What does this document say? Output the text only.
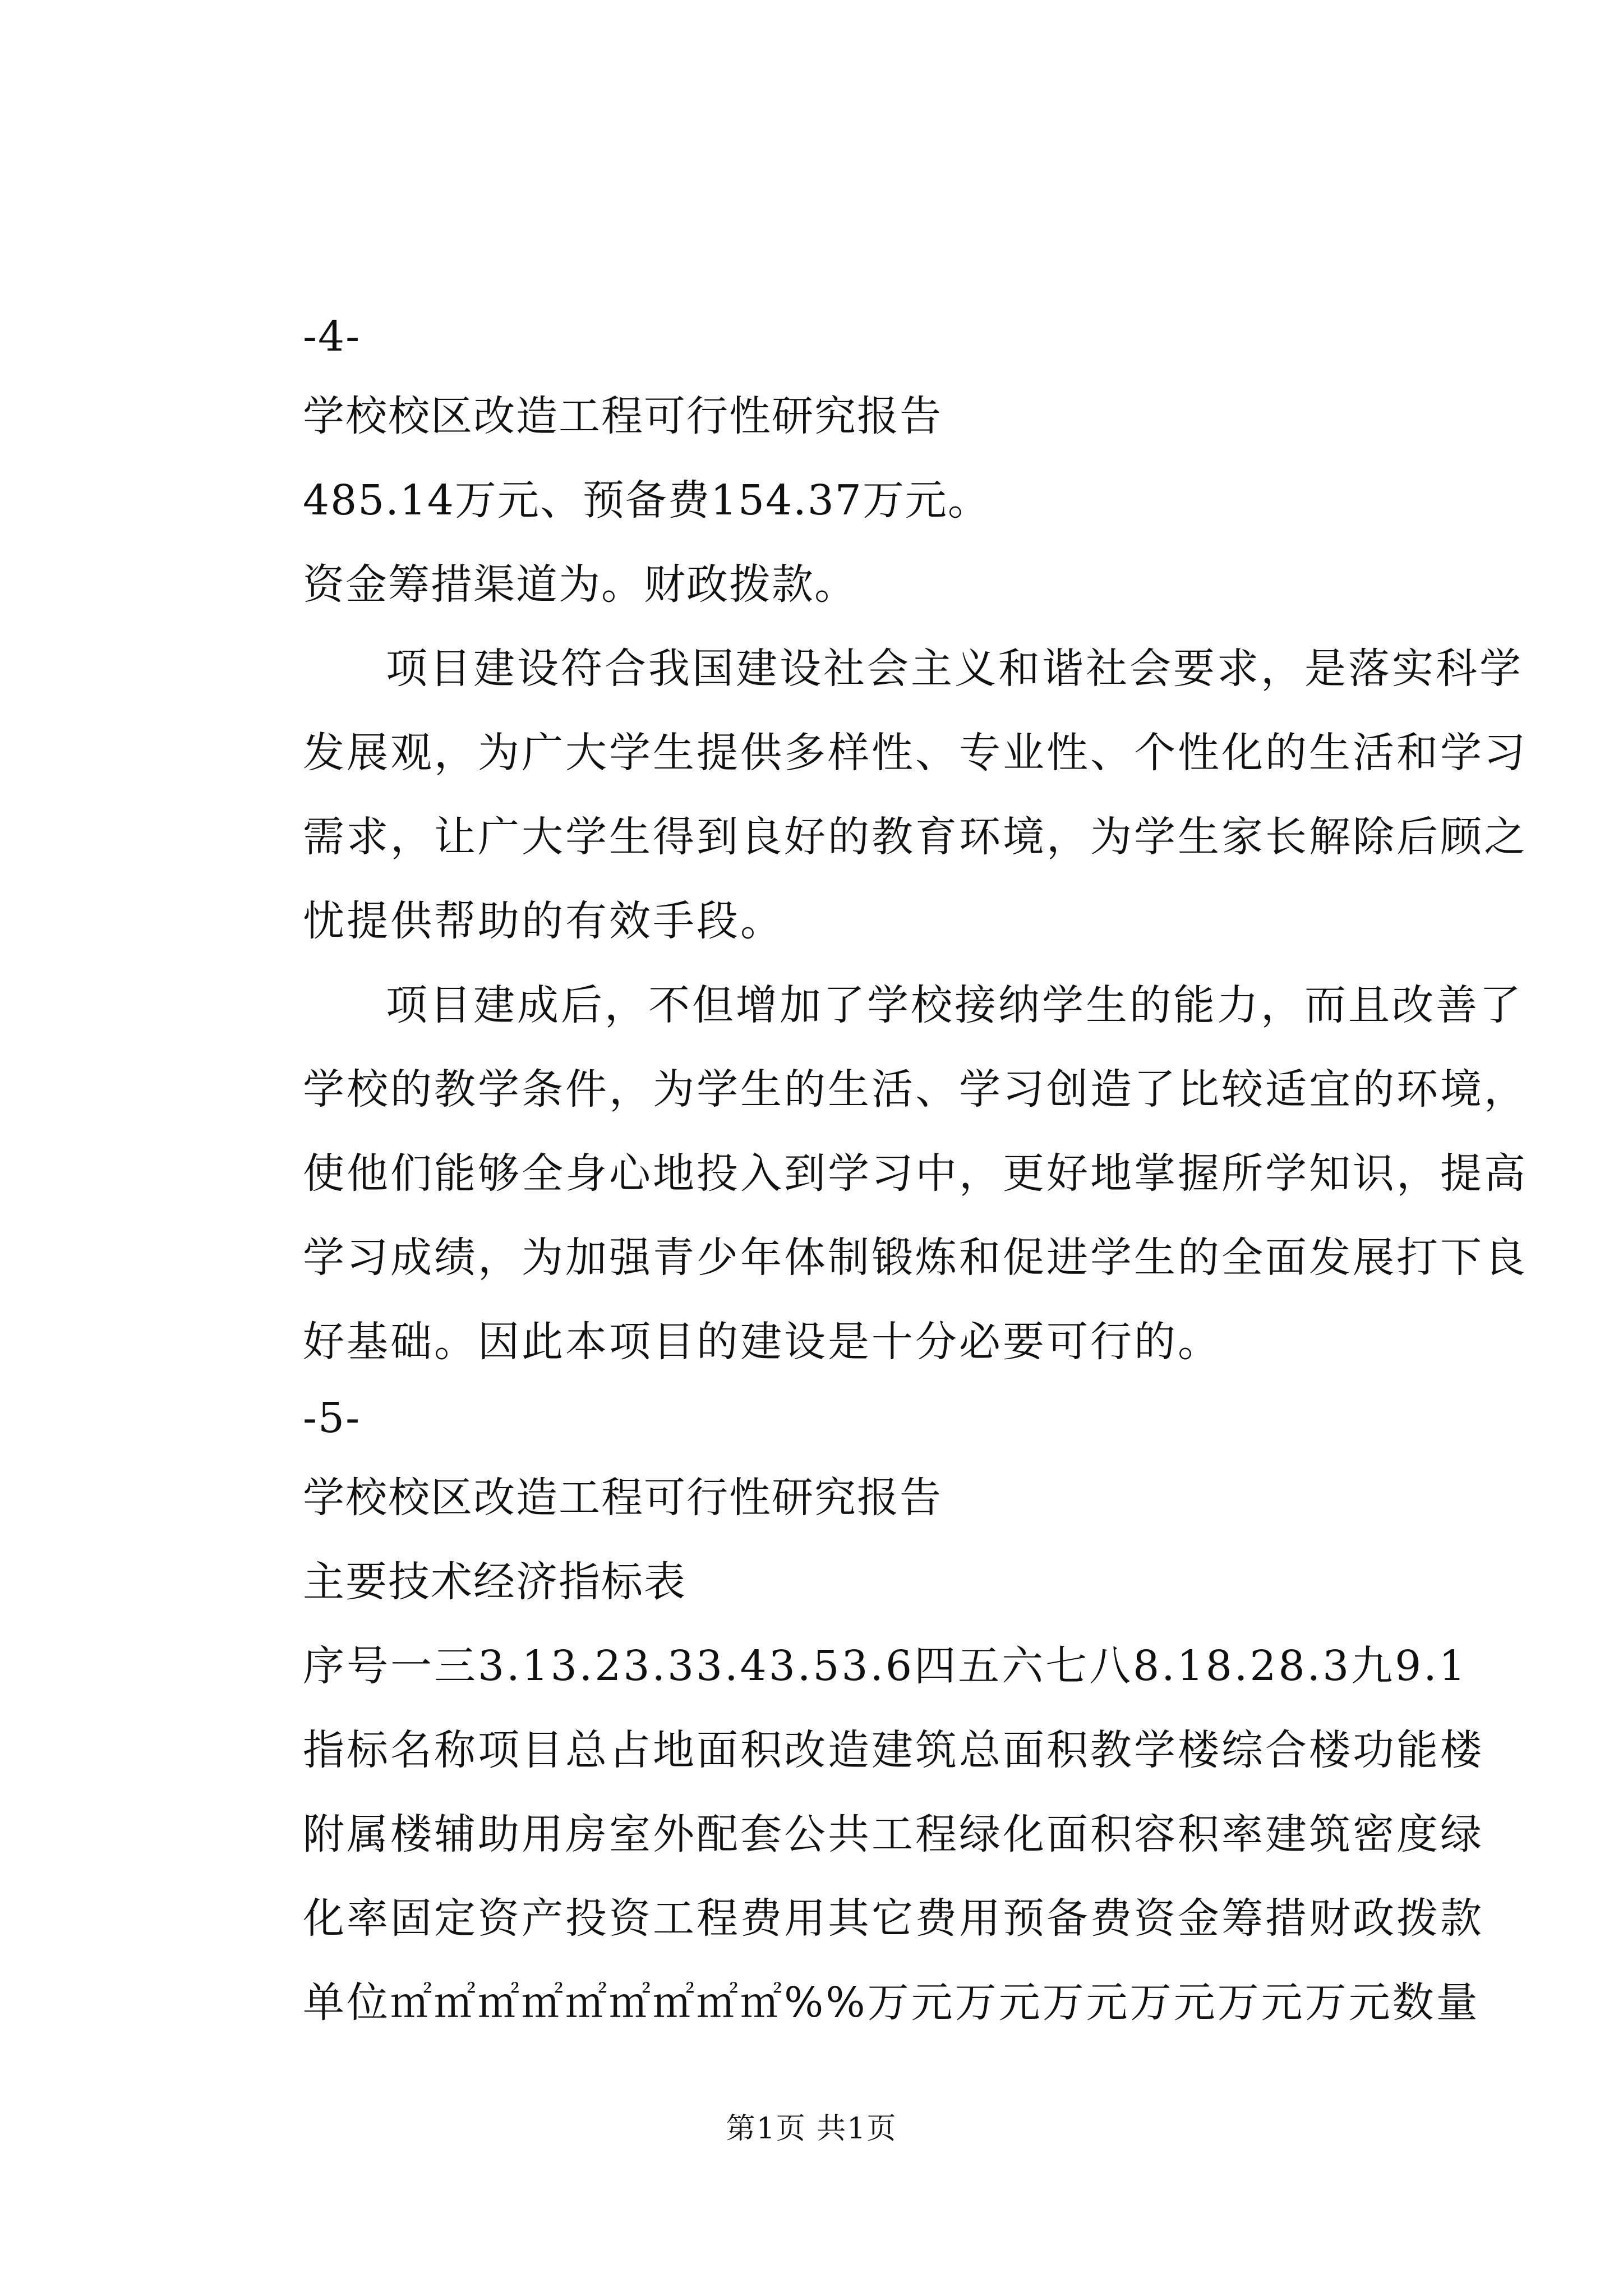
-4-
学校校区改造工程可行性研究报告
485.14万元、预备费154.37万元。
资金筹措渠道为。财政拨款。
项目建设符合我国建设社会主义和谐社会要求，是落实科学
发展观，为广大学生提供多样性、专业性、个性化的生活和学习
需求，让广大学生得到良好的教育环境，为学生家长解除后顾之
忧提供帮助的有效手段。
项目建成后，不但增加了学校接纳学生的能力，而且改善了
学校的教学条件，为学生的生活、学习创造了比较适宜的环境，
使他们能够全身心地投入到学习中，更好地掌握所学知识，提高
学习成绩，为加强青少年体制锻炼和促进学生的全面发展打下良
好基础。因此本项目的建设是十分必要可行的。
-5-
学校校区改造工程可行性研究报告
主要技术经济指标表
序号一三3.13.23.33.43.53.6四五六七八8.18.28.3九9.1
指标名称项目总占地面积改造建筑总面积教学楼综合楼功能楼
附属楼辅助用房室外配套公共工程绿化面积容积率建筑密度绿
化率固定资产投资工程费用其它费用预备费资金筹措财政拨款
单位㎡㎡㎡㎡㎡㎡㎡㎡㎡%%万元万元万元万元万元万元数量
第1页 共1页
